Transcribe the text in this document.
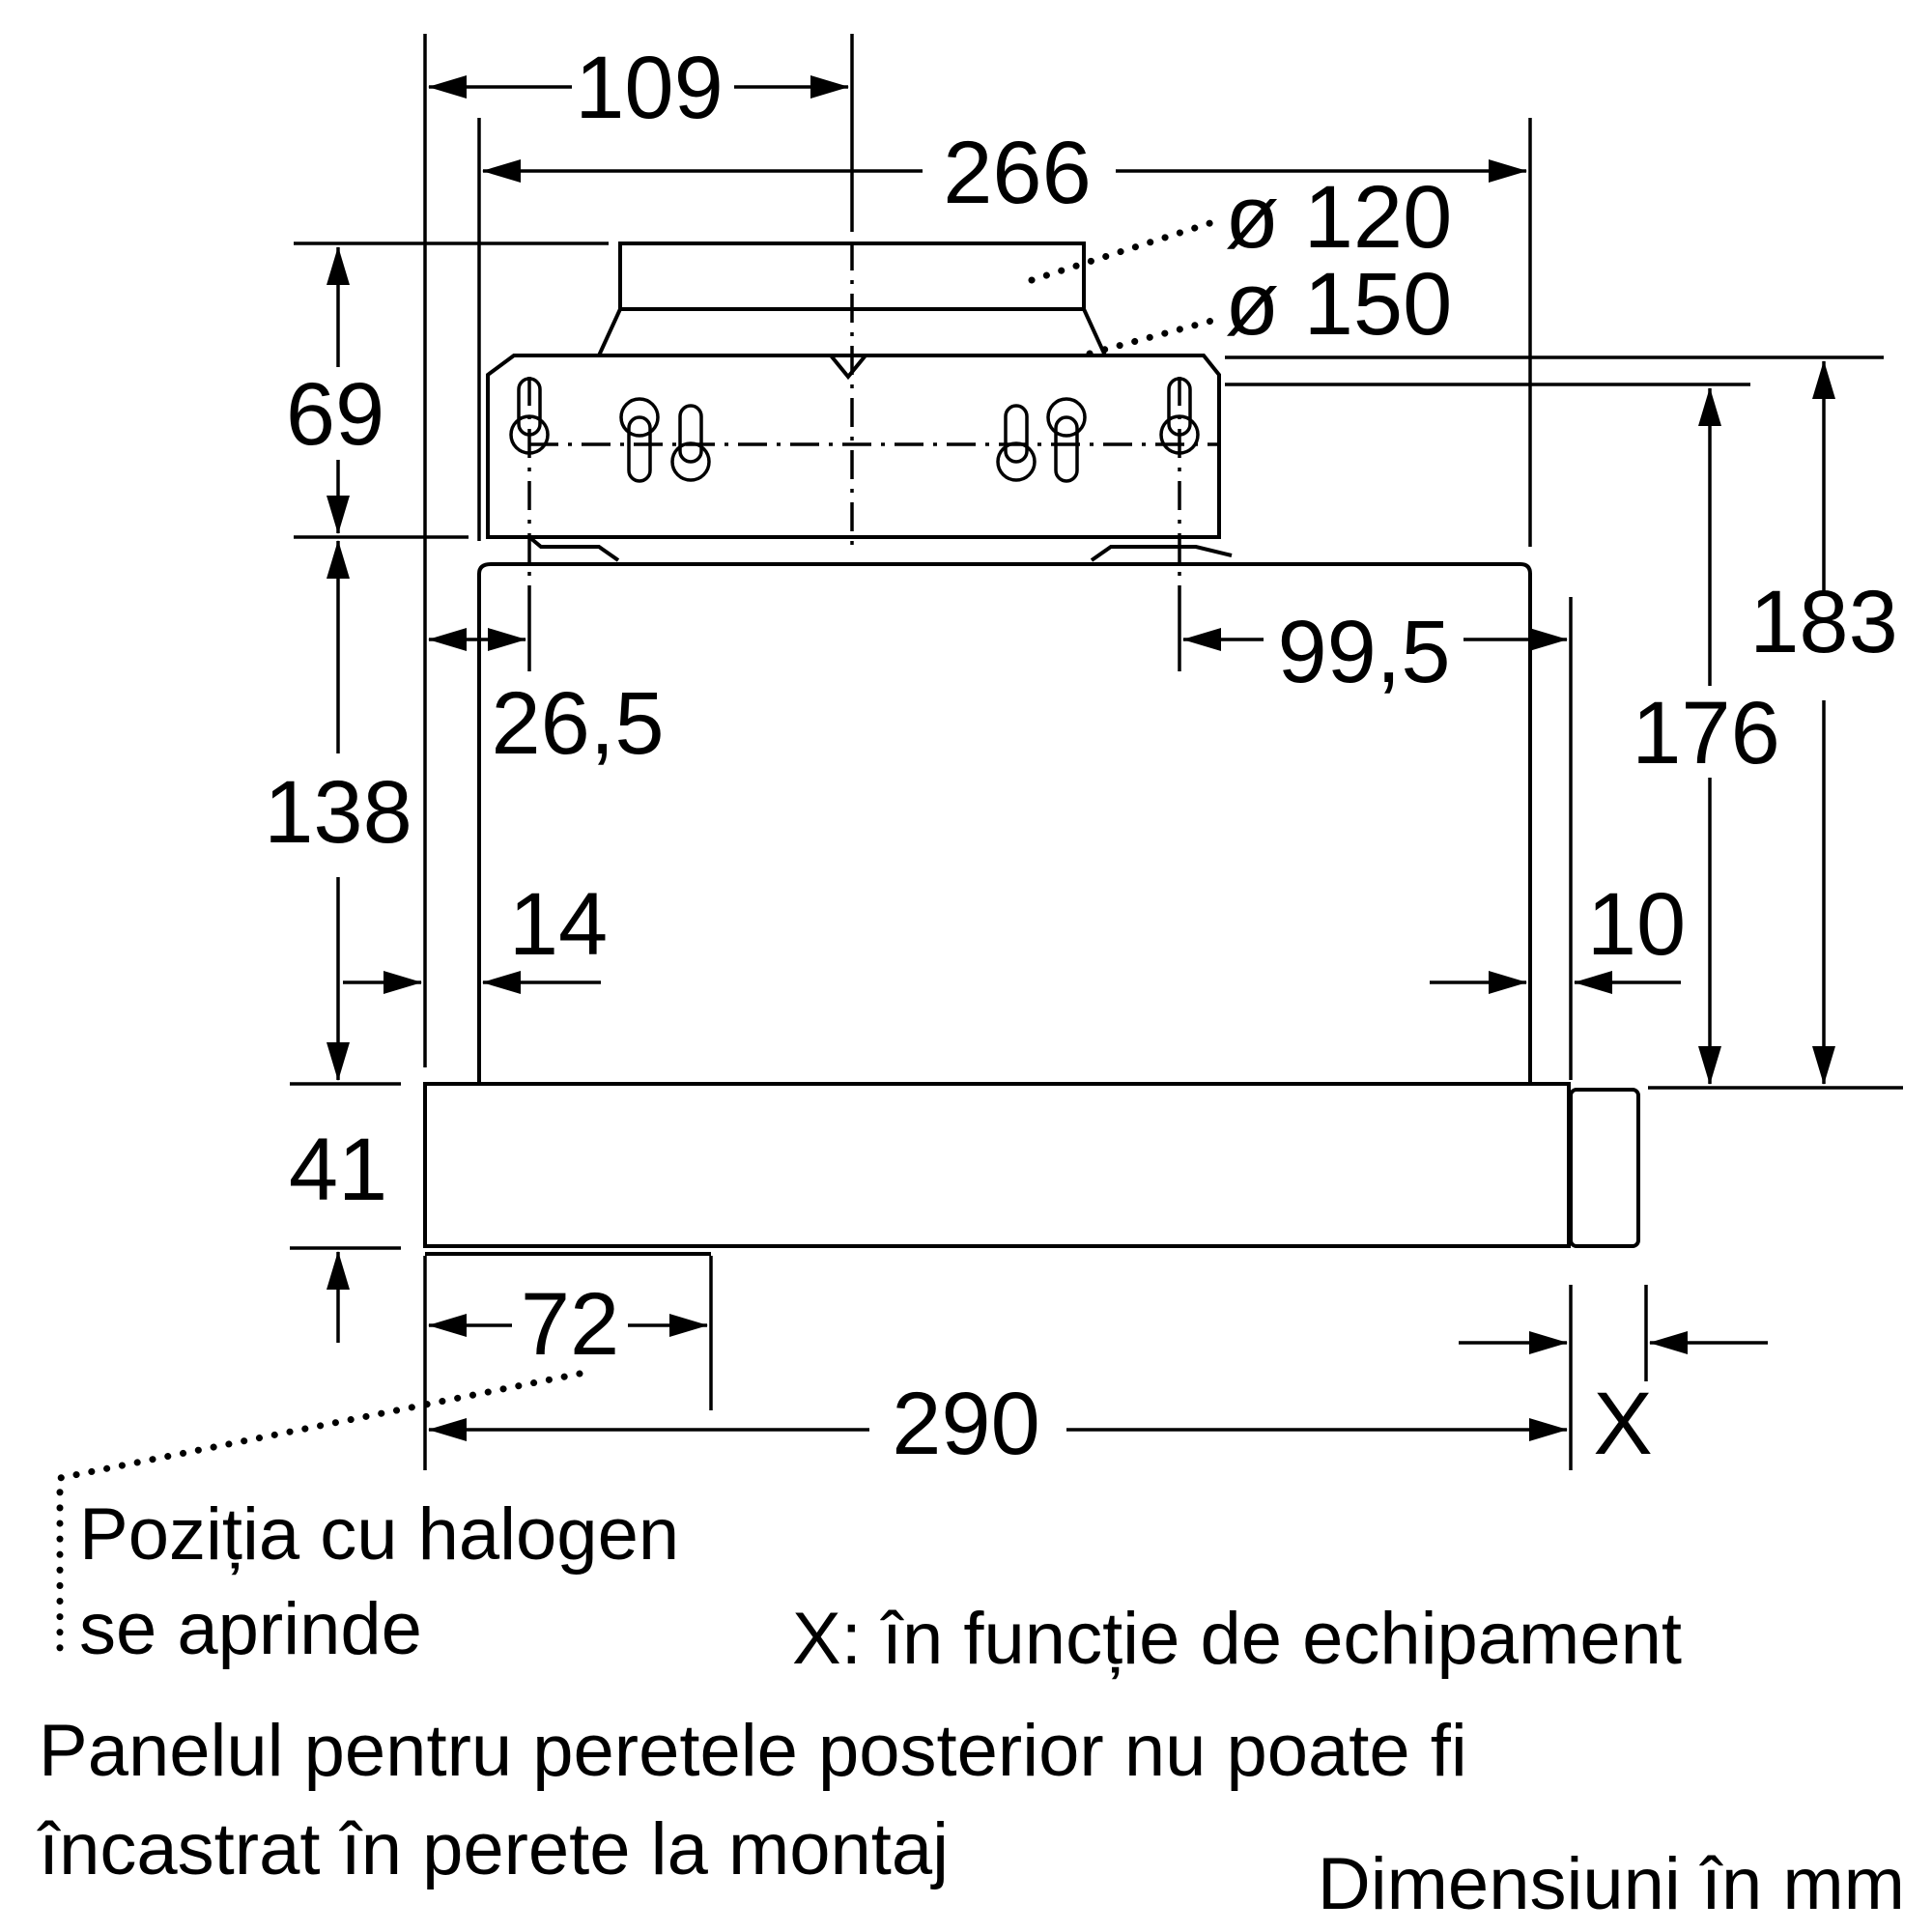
109
266 ø 120
ø 150
69
183
176
99,5
26,5
138
14	10
41
72
290	X
Poziția cu halogen
se aprinde	X: în funcție de echipament
Panelul pentru peretele posterior nu poate fi
încastrat în perete la montaj	Dimensiuni în mm
